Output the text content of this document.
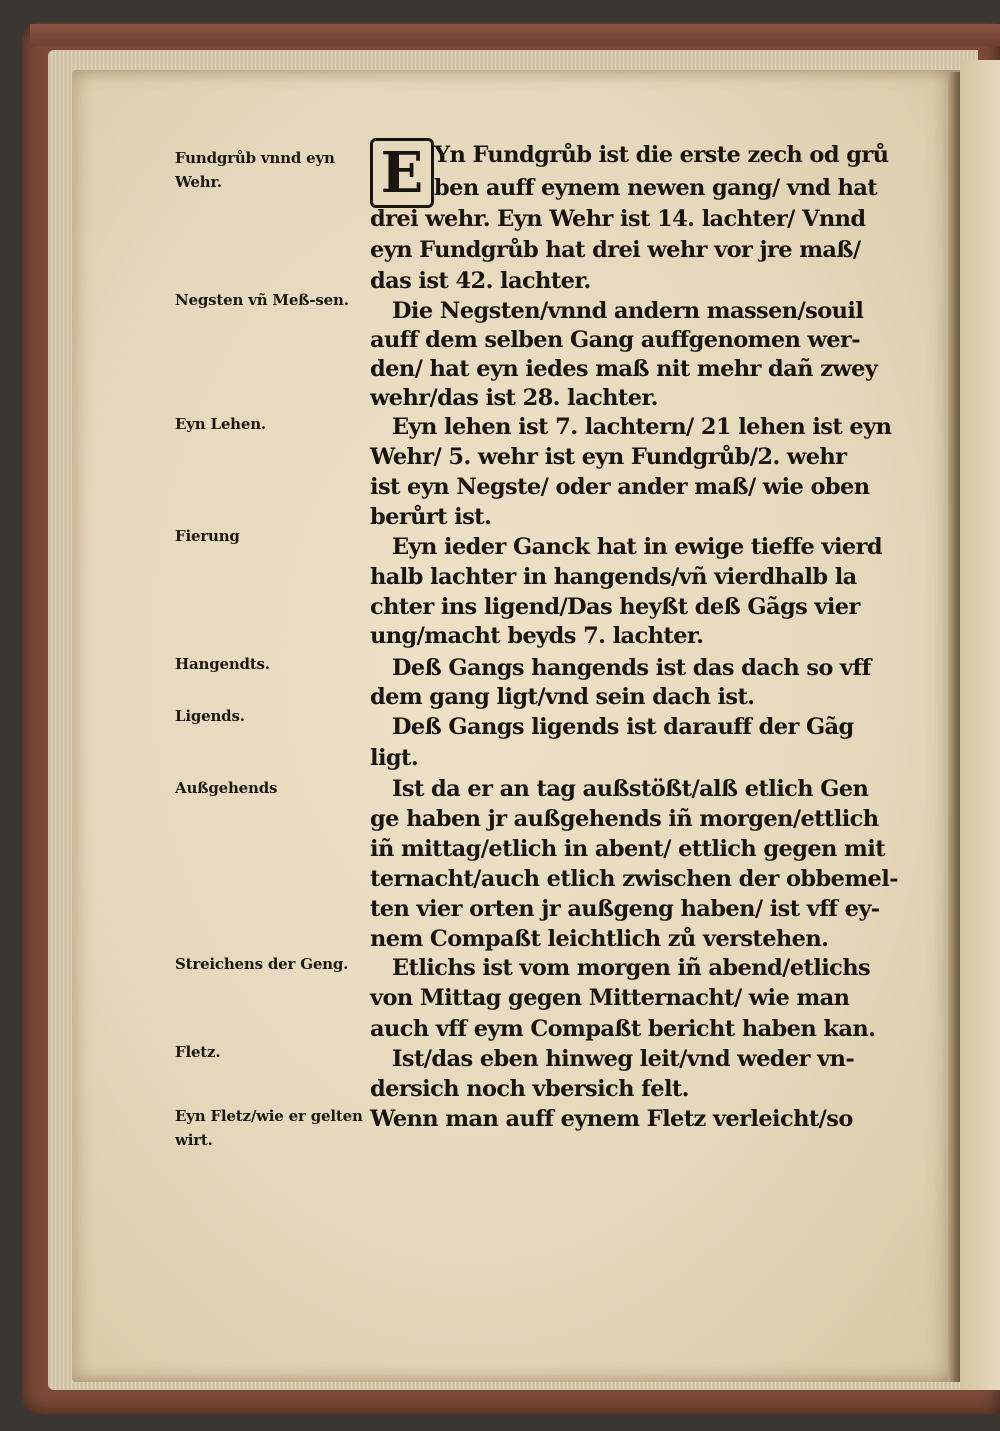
Fundgrůb vnnd eyn Wehr.
Negsten vñ Meß-sen.
Eyn Lehen.
Fierung
Hangendts.
Ligends.
Außgehends
Streichens der Geng.
Fletz.
Eyn Fletz/wie er gelten wirt.
E Yn Fundgrůb ist die erste zech od grů
ben auff eynem newen gang/ vnd hat
drei wehr. Eyn Wehr ist 14. lachter/ Vnnd
eyn Fundgrůb hat drei wehr vor jre maß/
das ist 42. lachter.
Die Negsten/vnnd andern massen/souil
auff dem selben Gang auffgenomen wer-
den/ hat eyn iedes maß nit mehr dañ zwey
wehr/das ist 28. lachter.
Eyn lehen ist 7. lachtern/ 21 lehen ist eyn
Wehr/ 5. wehr ist eyn Fundgrůb/2. wehr
ist eyn Negste/ oder ander maß/ wie oben
berůrt ist.
Eyn ieder Ganck hat in ewige tieffe vierd
halb lachter in hangends/vñ vierdhalb la
chter ins ligend/Das heyßt deß Gãgs vier
ung/macht beyds 7. lachter.
Deß Gangs hangends ist das dach so vff
dem gang ligt/vnd sein dach ist.
Deß Gangs ligends ist darauff der Gãg
ligt.
Ist da er an tag außstößt/alß etlich Gen
ge haben jr außgehends iñ morgen/ettlich
iñ mittag/etlich in abent/ ettlich gegen mit
ternacht/auch etlich zwischen der obbemel-
ten vier orten jr außgeng haben/ ist vff ey-
nem Compaßt leichtlich zů verstehen.
Etlichs ist vom morgen iñ abend/etlichs
von Mittag gegen Mitternacht/ wie man
auch vff eym Compaßt bericht haben kan.
Ist/das eben hinweg leit/vnd weder vn-
dersich noch vbersich felt.
Wenn man auff eynem Fletz verleicht/so
